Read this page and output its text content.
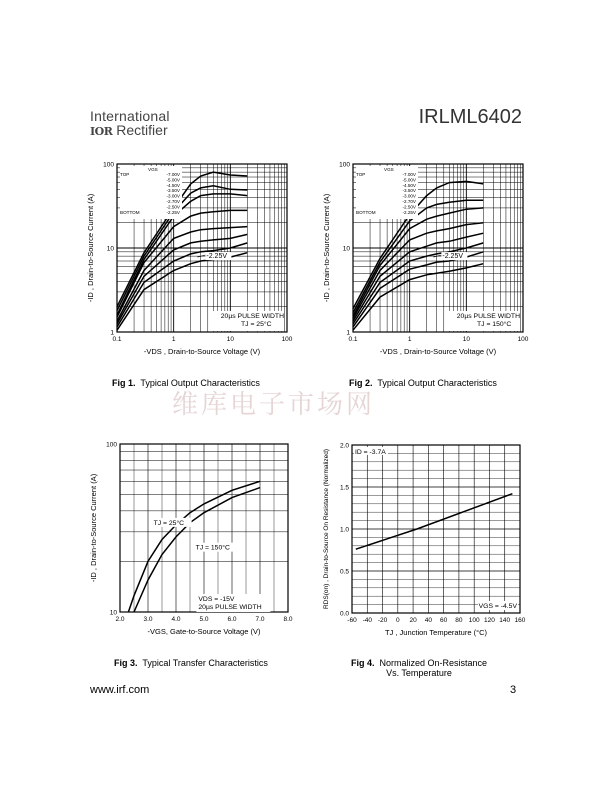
International
IOR Rectifier
IRLML6402
维库电子市场网
0.1	1	10	100
1
10
100
-VDS , Drain-to-Source Voltage (V)
-ID , Drain-to-Source Current (A)
VGS
-7.00V
-5.00V
-4.50V
-3.50V
-3.00V
-2.70V
-2.50V
-2.25V
TOP
BOTTOM
-2.25V
20µs PULSE WIDTH
TJ = 25°C
0.1	1	10	100
1
10
100
-VDS , Drain-to-Source Voltage (V)
-ID , Drain-to-Source Current (A)
VGS
-7.00V
-5.00V
-4.50V
-3.50V
-3.00V
-2.70V
-2.50V
-2.25V
TOP
BOTTOM
-2.25V
20µs PULSE WIDTH
TJ = 150°C
2.0	3.0	4.0	5.0	6.0	7.0	8.0
10
100
-VGS, Gate-to-Source Voltage (V)
-ID , Drain-to-Source Current (A)	TJ = 25°C
TJ = 150°C
VDS = -15V
20µs PULSE WIDTH
-60 -40 -20 0 20 40 60 80 100 120 140 160
0.0
0.5
1.0
1.5
2.0
TJ , Junction Temperature (°C)
RDS(on) , Drain-to-Source On Resistance (Normalized)	ID = -3.7A
VGS = -4.5V
Fig 1. Typical Output Characteristics	Fig 2. Typical Output Characteristics
Fig 3. Typical Transfer Characteristics	Fig 4. Normalized On-Resistance
Vs. Temperature
www.irf.com	3
